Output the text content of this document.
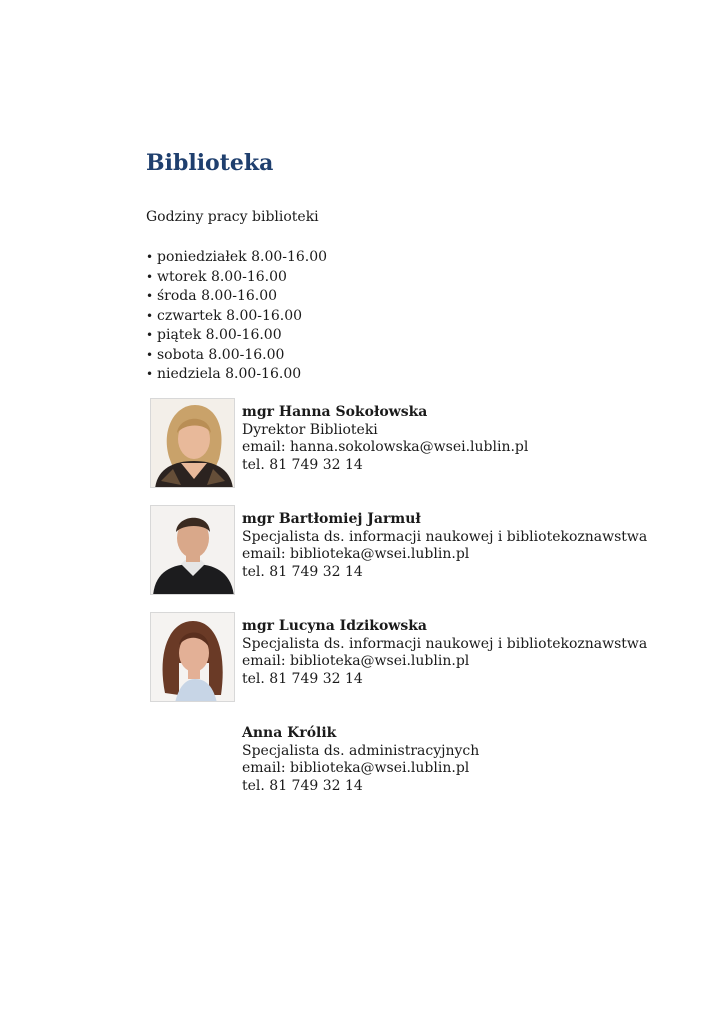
Biblioteka
Godziny pracy biblioteki
• poniedziałek 8.00-16.00
• wtorek 8.00-16.00
• środa 8.00-16.00
• czwartek 8.00-16.00
• piątek 8.00-16.00
• sobota 8.00-16.00
• niedziela 8.00-16.00
mgr Hanna Sokołowska
Dyrektor Biblioteki
email: hanna.sokolowska@wsei.lublin.pl
tel. 81 749 32 14
mgr Bartłomiej Jarmuł
Specjalista ds. informacji naukowej i bibliotekoznawstwa
email: biblioteka@wsei.lublin.pl
tel. 81 749 32 14
mgr Lucyna Idzikowska
Specjalista ds. informacji naukowej i bibliotekoznawstwa
email: biblioteka@wsei.lublin.pl
tel. 81 749 32 14
Anna Królik
Specjalista ds. administracyjnych
email: biblioteka@wsei.lublin.pl
tel. 81 749 32 14
